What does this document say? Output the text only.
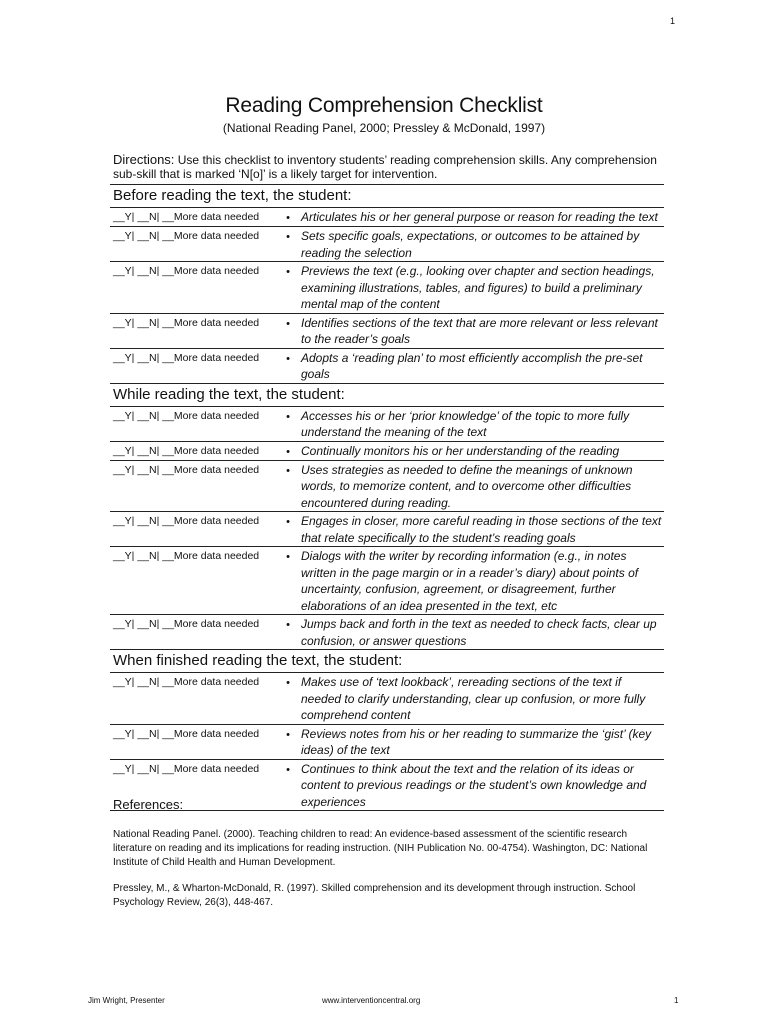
1
Reading Comprehension Checklist
(National Reading Panel, 2000; Pressley & McDonald, 1997)
Directions: Use this checklist to inventory students’ reading comprehension skills. Any comprehension sub-skill that is marked ‘N[o]’ is a likely target for intervention.
Before reading the text, the student:		
__Y| __N| __More data needed	•	Articulates his or her general purpose or reason for reading the text
__Y| __N| __More data needed	•	Sets specific goals, expectations, or outcomes to be attained by reading the selection
__Y| __N| __More data needed	•	Previews the text (e.g., looking over chapter and section headings, examining illustrations, tables, and figures) to build a preliminary mental map of the content
__Y| __N| __More data needed	•	Identifies sections of the text that are more relevant or less relevant to the reader’s goals
__Y| __N| __More data needed	•	Adopts a ‘reading plan’ to most efficiently accomplish the pre-set goals
While reading the text, the student:		
__Y| __N| __More data needed	•	Accesses his or her ‘prior knowledge’ of the topic to more fully understand the meaning of the text
__Y| __N| __More data needed	•	Continually monitors his or her understanding of the reading
__Y| __N| __More data needed	•	Uses strategies as needed to define the meanings of unknown words, to memorize content, and to overcome other difficulties encountered during reading.
__Y| __N| __More data needed	•	Engages in closer, more careful reading in those sections of the text that relate specifically to the student’s reading goals
__Y| __N| __More data needed	•	Dialogs with the writer by recording information (e.g., in notes written in the page margin or in a reader’s diary) about points of uncertainty, confusion, agreement, or disagreement, further elaborations of an idea presented in the text, etc
__Y| __N| __More data needed	•	Jumps back and forth in the text as needed to check facts, clear up confusion, or answer questions
When finished reading the text, the student:		
__Y| __N| __More data needed	•	Makes use of ‘text lookback’, rereading sections of the text if needed to clarify understanding, clear up confusion, or more fully comprehend content
__Y| __N| __More data needed	•	Reviews notes from his or her reading to summarize the ‘gist’ (key ideas) of the text
__Y| __N| __More data needed	•	Continues to think about the text and the relation of its ideas or content to previous readings or the student’s own knowledge and experiences
References:

National Reading Panel. (2000). Teaching children to read: An evidence-based assessment of the scientific research literature on reading and its implications for reading instruction. (NIH Publication No. 00-4754). Washington, DC: National Institute of Child Health and Human Development.

Pressley, M., & Wharton-McDonald, R. (1997). Skilled comprehension and its development through instruction. School Psychology Review, 26(3), 448-467.

Jim Wright, Presenter	www.interventioncentral.org	1
